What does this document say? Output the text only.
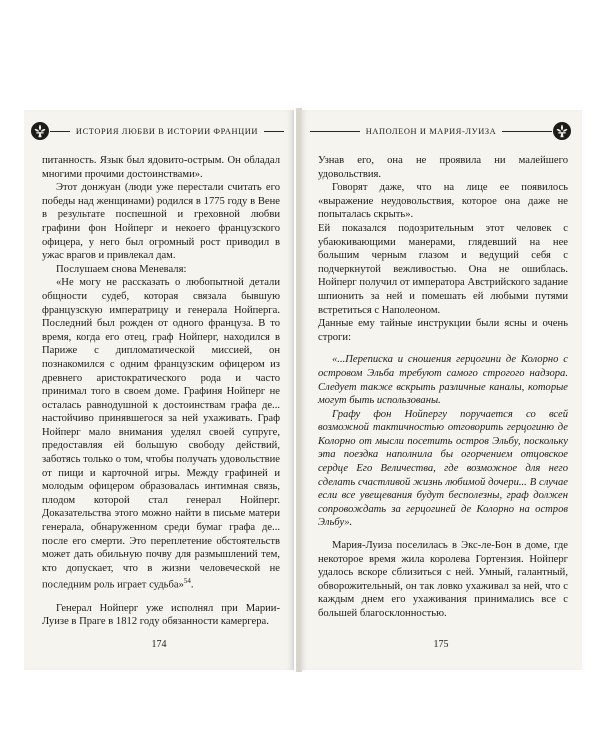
ИСТОРИЯ ЛЮБВИ В ИСТОРИИ ФРАНЦИИ

питанность. Язык был ядовито-острым. Он обладал многими прочими достоинствами».

Этот донжуан (люди уже перестали считать его победы над женщинами) родился в 1775 году в Вене в результате поспешной и греховной любви графини фон Нойперг и некоего французского офицера, у него был огромный рост приводил в ужас врагов и привлекал дам.

Послушаем снова Меневаля:

«Не могу не рассказать о любопытной детали общности судеб, которая связала бывшую французскую императрицу и генерала Нойперга. Последний был рожден от одного француза. В то время, когда его отец, граф Нойперг, находился в Париже с дипломатической миссией, он познакомился с одним французским офицером из древнего аристократического рода и часто принимал того в своем доме. Графиня Нойперг не осталась равнодушной к достоинствам графа де... настойчиво принявшегося за ней ухаживать. Граф Нойперг мало внимания уделял своей супруге, предоставляя ей большую свободу действий, заботясь только о том, чтобы получать удовольствие от пищи и карточной игры. Между графиней и молодым офицером образовалась интимная связь, плодом которой стал генерал Нойперг. Доказательства этого можно найти в письме матери генерала, обнаруженном среди бумаг графа де... после его смерти. Это переплетение обстоятельств может дать обильную почву для размышлений тем, кто допускает, что в жизни человеческой не последним роль играет судьба»$^{54}$.

Генерал Нойперг уже исполнял при Марии-Луизе в Праге в 1812 году обязанности камергера.

174
НАПОЛЕОН И МАРИЯ-ЛУИЗА

Узнав его, она не проявила ни малейшего удовольствия.

Говорят даже, что на лице ее появилось «выражение неудовольствия, которое она даже не попыталась скрыть».

Ей показался подозрительным этот человек с убаюкивающими манерами, глядевший на нее большим черным глазом и ведущий себя с подчеркнутой вежливостью. Она не ошиблась. Нойперг получил от императора Австрийского задание шпионить за ней и помешать ей любыми путями встретиться с Наполеоном.

Данные ему тайные инструкции были ясны и очень строги:

«...Переписка и сношения герцогини де Колорно с островом Эльба требуют самого строгого надзора. Следует также вскрыть различные каналы, которые могут быть использованы.

Графу фон Нойпергу поручается со всей возможной тактичностью отговорить герцогиню де Колорно от мысли посетить остров Эльбу, поскольку эта поездка наполнила бы огорчением отцовское сердце Его Величества, где возможное для него сделать счастливой жизнь любимой дочери... В случае если все увещевания будут бесполезны, граф должен сопровождать за герцогиней де Колорно на остров Эльбу».

Мария-Луиза поселилась в Экс-ле-Бон в доме, где некоторое время жила королева Гортензия. Нойперг удалось вскоре сблизиться с ней. Умный, галантный, обворожительный, он так ловко ухаживал за ней, что с каждым днем его ухаживания принимались все с большей благосклонностью.

175
